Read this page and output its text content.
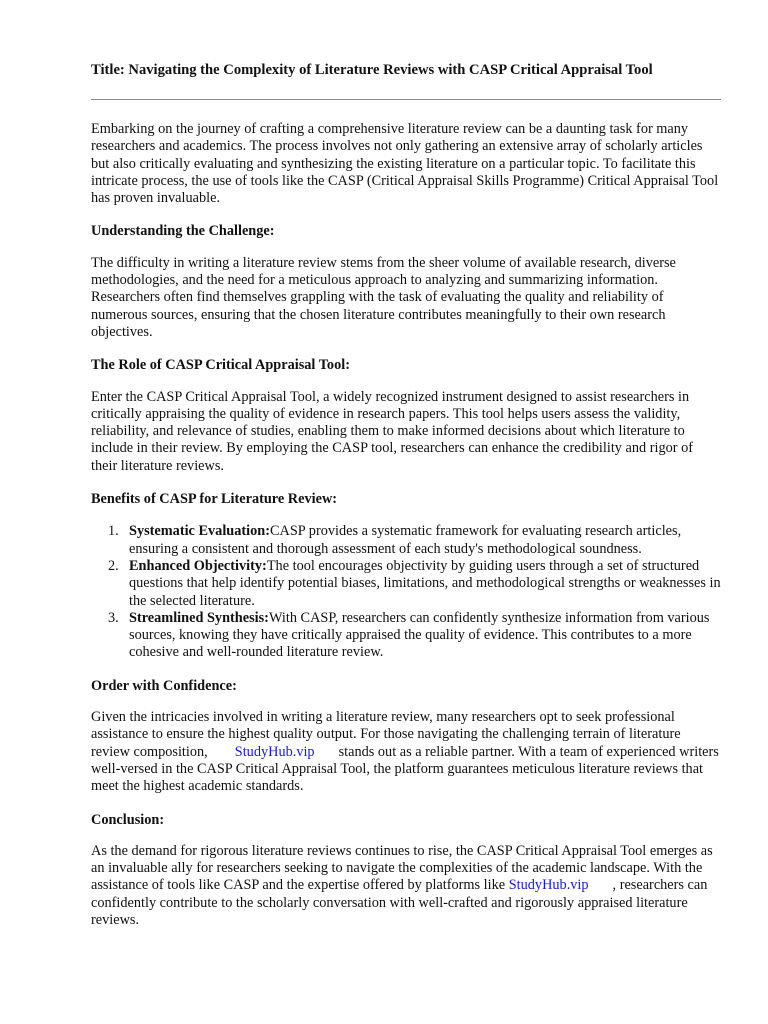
Title: Navigating the Complexity of Literature Reviews with CASP Critical Appraisal Tool

Embarking on the journey of crafting a comprehensive literature review can be a daunting task for many researchers and academics. The process involves not only gathering an extensive array of scholarly articles but also critically evaluating and synthesizing the existing literature on a particular topic. To facilitate this intricate process, the use of tools like the CASP (Critical Appraisal Skills Programme) Critical Appraisal Tool has proven invaluable.

Understanding the Challenge:

The difficulty in writing a literature review stems from the sheer volume of available research, diverse methodologies, and the need for a meticulous approach to analyzing and summarizing information. Researchers often find themselves grappling with the task of evaluating the quality and reliability of numerous sources, ensuring that the chosen literature contributes meaningfully to their own research objectives.

The Role of CASP Critical Appraisal Tool:

Enter the CASP Critical Appraisal Tool, a widely recognized instrument designed to assist researchers in critically appraising the quality of evidence in research papers. This tool helps users assess the validity, reliability, and relevance of studies, enabling them to make informed decisions about which literature to include in their review. By employing the CASP tool, researchers can enhance the credibility and rigor of their literature reviews.

Benefits of CASP for Literature Review:
1. Systematic Evaluation:CASP provides a systematic framework for evaluating research articles, ensuring a consistent and thorough assessment of each study's methodological soundness.
2. Enhanced Objectivity:The tool encourages objectivity by guiding users through a set of structured questions that help identify potential biases, limitations, and methodological strengths or weaknesses in the selected literature.
3. Streamlined Synthesis:With CASP, researchers can confidently synthesize information from various sources, knowing they have critically appraised the quality of evidence. This contributes to a more cohesive and well-rounded literature review.
Order with Confidence:

Given the intricacies involved in writing a literature review, many researchers opt to seek professional assistance to ensure the highest quality output. For those navigating the challenging terrain of literature review composition, StudyHub.vip stands out as a reliable partner. With a team of experienced writers well-versed in the CASP Critical Appraisal Tool, the platform guarantees meticulous literature reviews that meet the highest academic standards.

Conclusion:

As the demand for rigorous literature reviews continues to rise, the CASP Critical Appraisal Tool emerges as an invaluable ally for researchers seeking to navigate the complexities of the academic landscape. With the assistance of tools like CASP and the expertise offered by platforms like StudyHub.vip , researchers can confidently contribute to the scholarly conversation with well-crafted and rigorously appraised literature reviews.
